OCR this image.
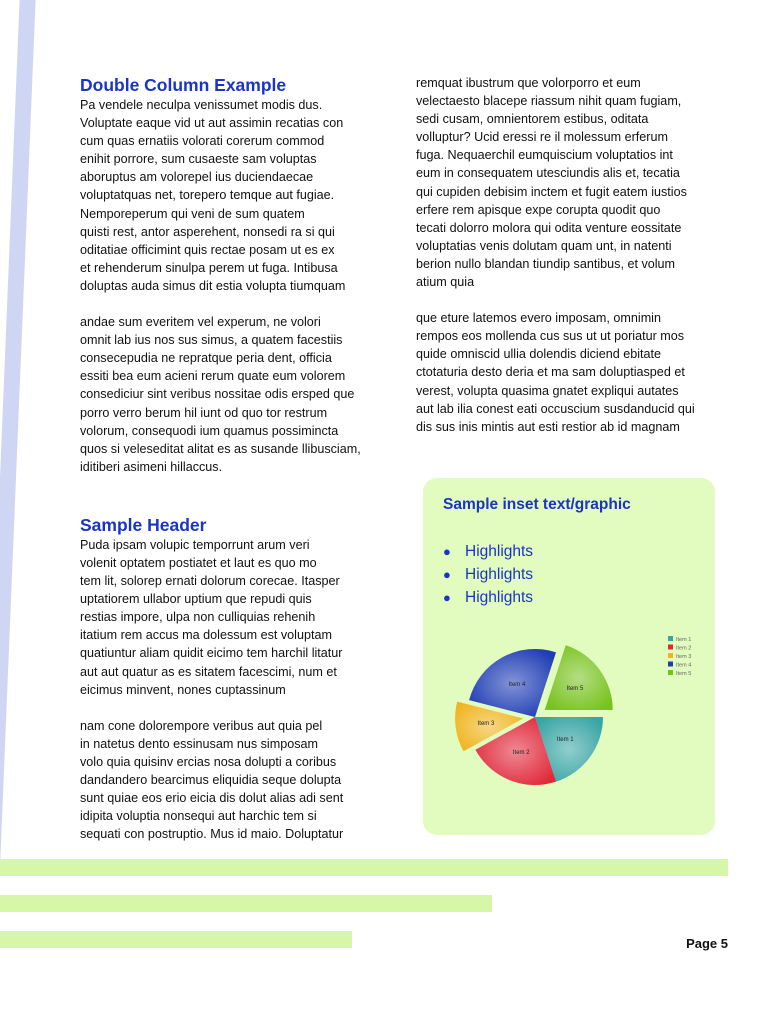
Double Column Example

Pa vendele neculpa venissumet modis dus.
Voluptate eaque vid ut aut assimin recatias con
cum quas ernatiis volorati corerum commod
enihit porrore, sum cusaeste sam voluptas
aboruptus am volorepel ius duciendaecae
voluptatquas net, torepero temque aut fugiae.
Nemporeperum qui veni de sum quatem
quisti rest, antor asperehent, nonsedi ra si qui
oditatiae officimint quis rectae posam ut es ex
et rehenderum sinulpa perem ut fuga. Intibusa
doluptas auda simus dit estia volupta tiumquam

andae sum everitem vel experum, ne volori
omnit lab ius nos sus simus, a quatem facestiis
consecepudia ne repratque peria dent, officia
essiti bea eum acieni rerum quate eum volorem
consediciur sint veribus nossitae odis ersped que
porro verro berum hil iunt od quo tor restrum
volorum, consequodi ium quamus possimincta
quos si veleseditat alitat es as susande llibusciam,
iditiberi asimeni hillaccus.

Sample Header

Puda ipsam volupic temporrunt arum veri
volenit optatem postiatet et laut es quo mo
tem lit, solorep ernati dolorum corecae. Itasper
uptatiorem ullabor uptium que repudi quis
restias impore, ulpa non culliquias rehenih
itatium rem accus ma dolessum est voluptam
quatiuntur aliam quidit eicimo tem harchil litatur
aut aut quatur as es sitatem facescimi, num et
eicimus minvent, nones cuptassinum

nam cone dolorempore veribus aut quia pel
in natetus dento essinusam nus simposam
volo quia quisinv ercias nosa dolupti a coribus
dandandero bearcimus eliquidia seque dolupta
sunt quiae eos erio eicia dis dolut alias adi sent
idipita voluptia nonsequi aut harchic tem si
sequati con postruptio. Mus id maio. Doluptatur

remquat ibustrum que volorporro et eum
velectaesto blacepe riassum nihit quam fugiam,
sedi cusam, omnientorem estibus, oditata
volluptur? Ucid eressi re il molessum erferum
fuga. Nequaerchil eumquiscium voluptatios int
eum in consequatem utesciundis alis et, tecatia
qui cupiden debisim inctem et fugit eatem iustios
erfere rem apisque expe corupta quodit quo
tecati dolorro molora qui odita venture eossitate
voluptatias venis dolutam quam unt, in natenti
berion nullo blandan tiundip santibus, et volum
atium quia

que eture latemos evero imposam, omnimin
rempos eos mollenda cus sus ut ut poriatur mos
quide omniscid ullia dolendis diciend ebitate
ctotaturia desto deria et ma sam doluptiasped et
verest, volupta quasima gnatet expliqui autates
aut lab ilia conest eati occuscium susdanducid qui
dis sus inis mintis aut esti restior ab id magnam

Sample inset text/graphic
● Highlights
● Highlights
● Highlights
Item 1
Item 2
Item 3
Item 4
Item 5
Item 1
Item 2
Item 3
Item 4
Item 5
Page 5
